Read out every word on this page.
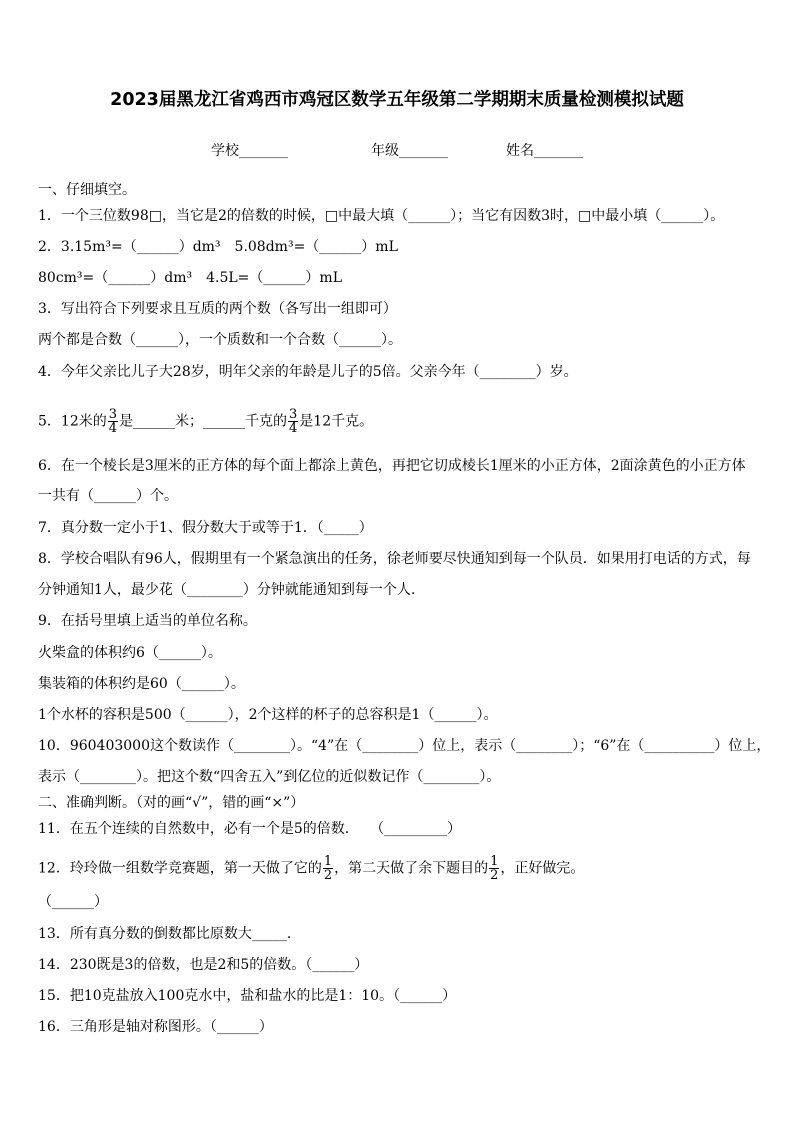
2023届黑龙江省鸡西市鸡冠区数学五年级第二学期期末质量检测模拟试题
学校_______	年级_______	姓名_______
一、仔细填空。
1．一个三位数98□，当它是2的倍数的时候，□中最大填（______）；当它有因数3时，□中最小填（______）。
2．3.15m³=（______）dm³　5.08dm³=（______）mL
80cm³=（______）dm³　4.5L=（______）mL
3．写出符合下列要求且互质的两个数（各写出一组即可）
两个都是合数（______），一个质数和一个合数（______）。
4．今年父亲比儿子大28岁，明年父亲的年龄是儿子的5倍。父亲今年（________）岁。
5．12米的 $\frac{3}{4}$ 是______米；______千克的 $\frac{3}{4}$ 是12千克。
6．在一个棱长是3厘米的正方体的每个面上都涂上黄色，再把它切成棱长1厘米的小正方体，2面涂黄色的小正方体
一共有（______）个。
7．真分数一定小于1、假分数大于或等于1．（_____）
8．学校合唱队有96人，假期里有一个紧急演出的任务，徐老师要尽快通知到每一个队员．如果用打电话的方式，每
分钟通知1人，最少花（________）分钟就能通知到每一个人.
9．在括号里填上适当的单位名称。
火柴盒的体积约6（______）。
集装箱的体积约是60（______）。
1个水杯的容积是500（______），2个这样的杯子的总容积是1（______）。
10．960403000这个数读作（________）。“4”在（________）位上，表示（________）；“6”在（__________）位上，
表示（________）。把这个数“四舍五入”到亿位的近似数记作（________）。
二、准确判断。（对的画“√”，错的画“×”）
11．在五个连续的自然数中，必有一个是5的倍数.　　（_________）
12．玲玲做一组数学竞赛题，第一天做了它的 $\frac{1}{2}$ ，第二天做了余下题目的 $\frac{1}{2}$ ，正好做完。
（______）
13．所有真分数的倒数都比原数大_____.
14．230既是3的倍数，也是2和5的倍数。（______）
15．把10克盐放入100克水中，盐和盐水的比是1：10。（______）
16．三角形是轴对称图形。（______）
